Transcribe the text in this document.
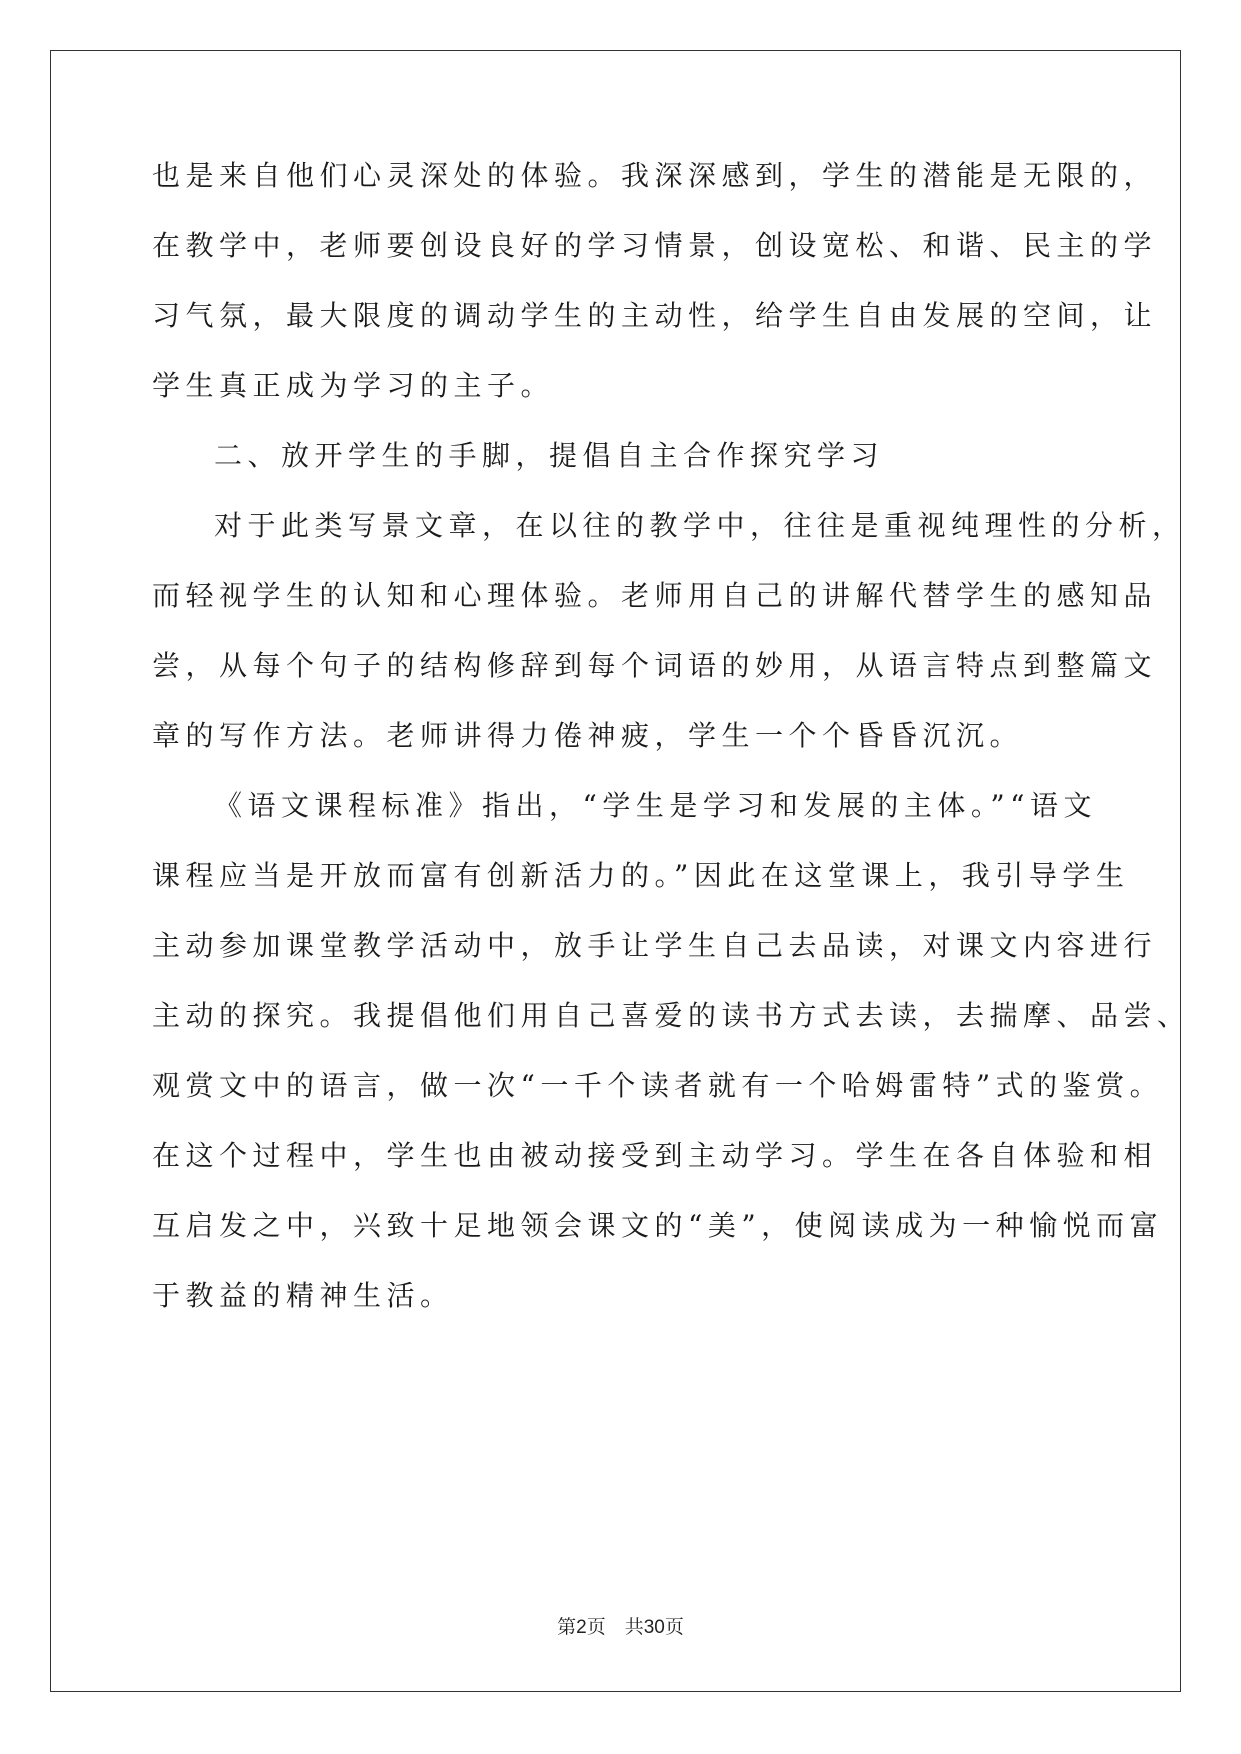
也是来自他们心灵深处的体验。我深深感到，学生的潜能是无限的，
在教学中，老师要创设良好的学习情景，创设宽松、和谐、民主的学
习气氛，最大限度的调动学生的主动性，给学生自由发展的空间，让
学生真正成为学习的主子。
二、放开学生的手脚，提倡自主合作探究学习
对于此类写景文章，在以往的教学中，往往是重视纯理性的分析，
而轻视学生的认知和心理体验。老师用自己的讲解代替学生的感知品
尝，从每个句子的结构修辞到每个词语的妙用，从语言特点到整篇文
章的写作方法。老师讲得力倦神疲，学生一个个昏昏沉沉。
《语文课程标准》指出，“学生是学习和发展的主体。”“语文
课程应当是开放而富有创新活力的。”因此在这堂课上，我引导学生
主动参加课堂教学活动中，放手让学生自己去品读，对课文内容进行
主动的探究。我提倡他们用自己喜爱的读书方式去读，去揣摩、品尝、
观赏文中的语言，做一次“一千个读者就有一个哈姆雷特”式的鉴赏。
在这个过程中，学生也由被动接受到主动学习。学生在各自体验和相
互启发之中，兴致十足地领会课文的“美”，使阅读成为一种愉悦而富
于教益的精神生活。
第2页　共30页
